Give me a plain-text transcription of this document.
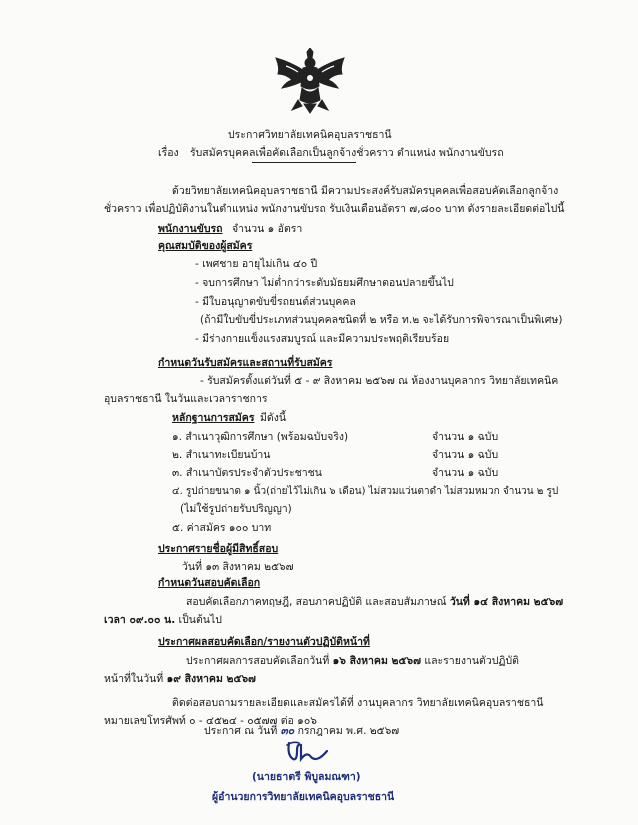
ประกาศวิทยาลัยเทคนิคอุบลราชธานี
เรื่อง รับสมัครบุคคลเพื่อคัดเลือกเป็นลูกจ้างชั่วคราว ตำแหน่ง พนักงานขับรถ
ด้วยวิทยาลัยเทคนิคอุบลราชธานี มีความประสงค์รับสมัครบุคคลเพื่อสอบคัดเลือกลูกจ้าง
ชั่วคราว เพื่อปฏิบัติงานในตำแหน่ง พนักงานขับรถ รับเงินเดือนอัตรา ๗,๘๐๐ บาท ดังรายละเอียดต่อไปนี้
พนักงานขับรถ จำนวน ๑ อัตรา
คุณสมบัติของผู้สมัคร
- เพศชาย อายุไม่เกิน ๔๐ ปี
- จบการศึกษา ไม่ต่ำกว่าระดับมัธยมศึกษาตอนปลายขึ้นไป
- มีใบอนุญาตขับขี่รถยนต์ส่วนบุคคล
(ถ้ามีใบขับขี่ประเภทส่วนบุคคลชนิดที่ ๒ หรือ ท.๒ จะได้รับการพิจารณาเป็นพิเศษ)
- มีร่างกายแข็งแรงสมบูรณ์ และมีความประพฤติเรียบร้อย
กำหนดวันรับสมัครและสถานที่รับสมัคร
- รับสมัครตั้งแต่วันที่ ๕ - ๙ สิงหาคม ๒๕๖๗ ณ ห้องงานบุคลากร วิทยาลัยเทคนิค
อุบลราชธานี ในวันและเวลาราชการ
หลักฐานการสมัคร มีดังนี้
๑. สำเนาวุฒิการศึกษา (พร้อมฉบับจริง)	จำนวน ๑ ฉบับ
๒. สำเนาทะเบียนบ้าน	จำนวน ๑ ฉบับ
๓. สำเนาบัตรประจำตัวประชาชน	จำนวน ๑ ฉบับ
๔. รูปถ่ายขนาด ๑ นิ้ว(ถ่ายไว้ไม่เกิน ๖ เดือน) ไม่สวมแว่นตาดำ ไม่สวมหมวก จำนวน ๒ รูป
(ไม่ใช้รูปถ่ายรับปริญญา)
๕. ค่าสมัคร ๑๐๐ บาท
ประกาศรายชื่อผู้มีสิทธิ์สอบ
วันที่ ๑๓ สิงหาคม ๒๕๖๗
กำหนดวันสอบคัดเลือก
สอบคัดเลือกภาคทฤษฎี, สอบภาคปฏิบัติ และสอบสัมภาษณ์ วันที่ ๑๔ สิงหาคม ๒๕๖๗
เวลา ๐๙.๐๐ น. เป็นต้นไป
ประกาศผลสอบคัดเลือก/รายงานตัวปฏิบัติหน้าที่
ประกาศผลการสอบคัดเลือกวันที่ ๑๖ สิงหาคม ๒๕๖๗ และรายงานตัวปฏิบัติ
หน้าที่ในวันที่ ๑๙ สิงหาคม ๒๕๖๗
ติดต่อสอบถามรายละเอียดและสมัครได้ที่ งานบุคลากร วิทยาลัยเทคนิคอุบลราชธานี
หมายเลขโทรศัพท์ ๐ - ๔๕๒๔ - ๐๕๗๗ ต่อ ๑๐๖
ประกาศ ณ วันที่ ๓๐ กรกฎาคม พ.ศ. ๒๕๖๗
(นายธาตรี พิบูลมณฑา)
ผู้อำนวยการวิทยาลัยเทคนิคอุบลราชธานี
